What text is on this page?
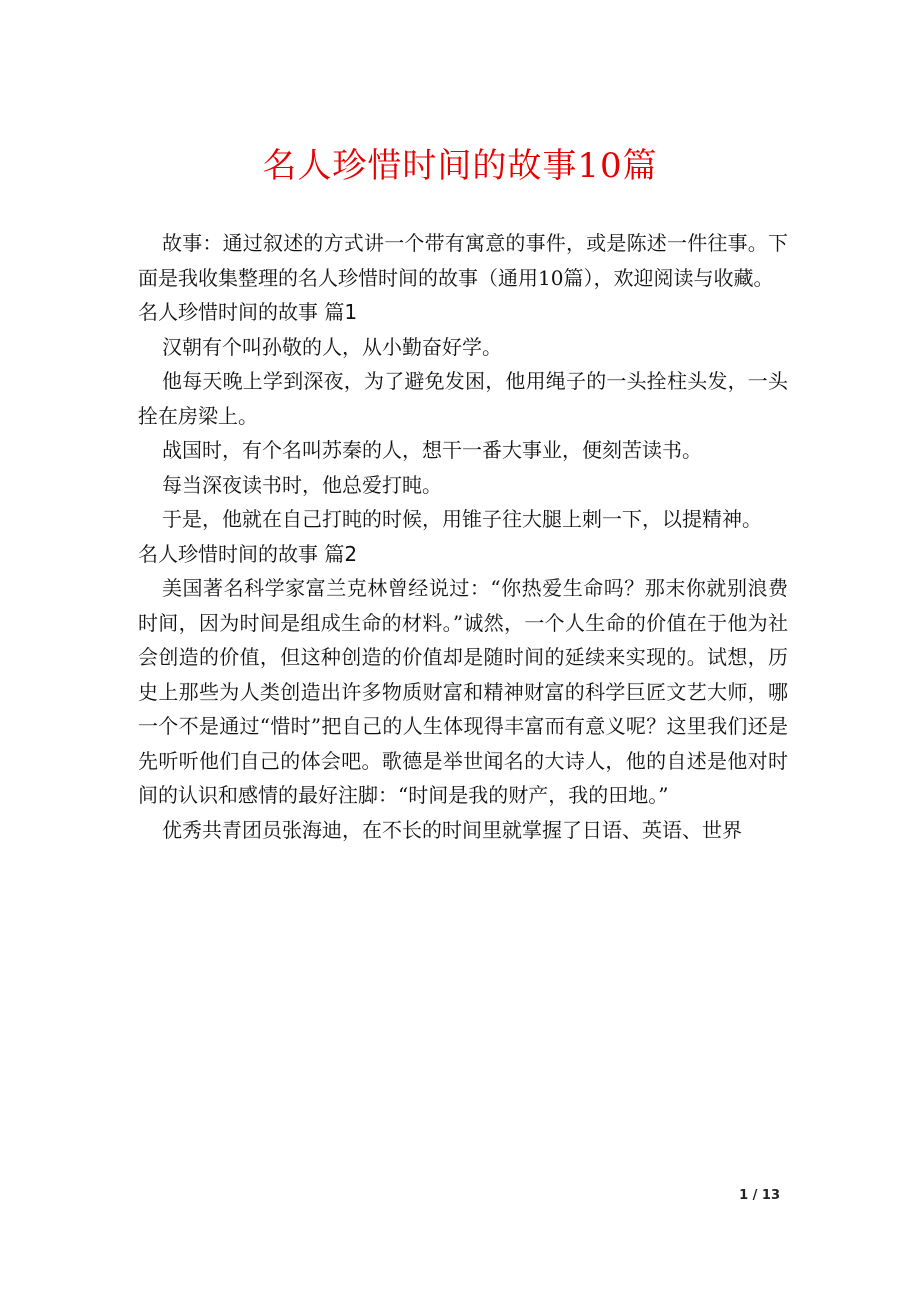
名人珍惜时间的故事10篇

故事：通过叙述的方式讲一个带有寓意的事件，或是陈述一件往事。下面是我收集整理的名人珍惜时间的故事（通用10篇），欢迎阅读与收藏。

名人珍惜时间的故事 篇1

汉朝有个叫孙敬的人，从小勤奋好学。

他每天晚上学到深夜，为了避免发困，他用绳子的一头拴柱头发，一头拴在房梁上。

战国时，有个名叫苏秦的人，想干一番大事业，便刻苦读书。

每当深夜读书时，他总爱打盹。

于是，他就在自己打盹的时候，用锥子往大腿上刺一下，以提精神。

名人珍惜时间的故事 篇2

美国著名科学家富兰克林曾经说过：“你热爱生命吗？那末你就别浪费时间，因为时间是组成生命的材料。”诚然，一个人生命的价值在于他为社会创造的价值，但这种创造的价值却是随时间的延续来实现的。试想，历史上那些为人类创造出许多物质财富和精神财富的科学巨匠文艺大师，哪一个不是通过“惜时”把自己的人生体现得丰富而有意义呢？这里我们还是先听听他们自己的体会吧。歌德是举世闻名的大诗人，他的自述是他对时间的认识和感情的最好注脚：“时间是我的财产，我的田地。”

优秀共青团员张海迪，在不长的时间里就掌握了日语、英语、世界

1 / 13
